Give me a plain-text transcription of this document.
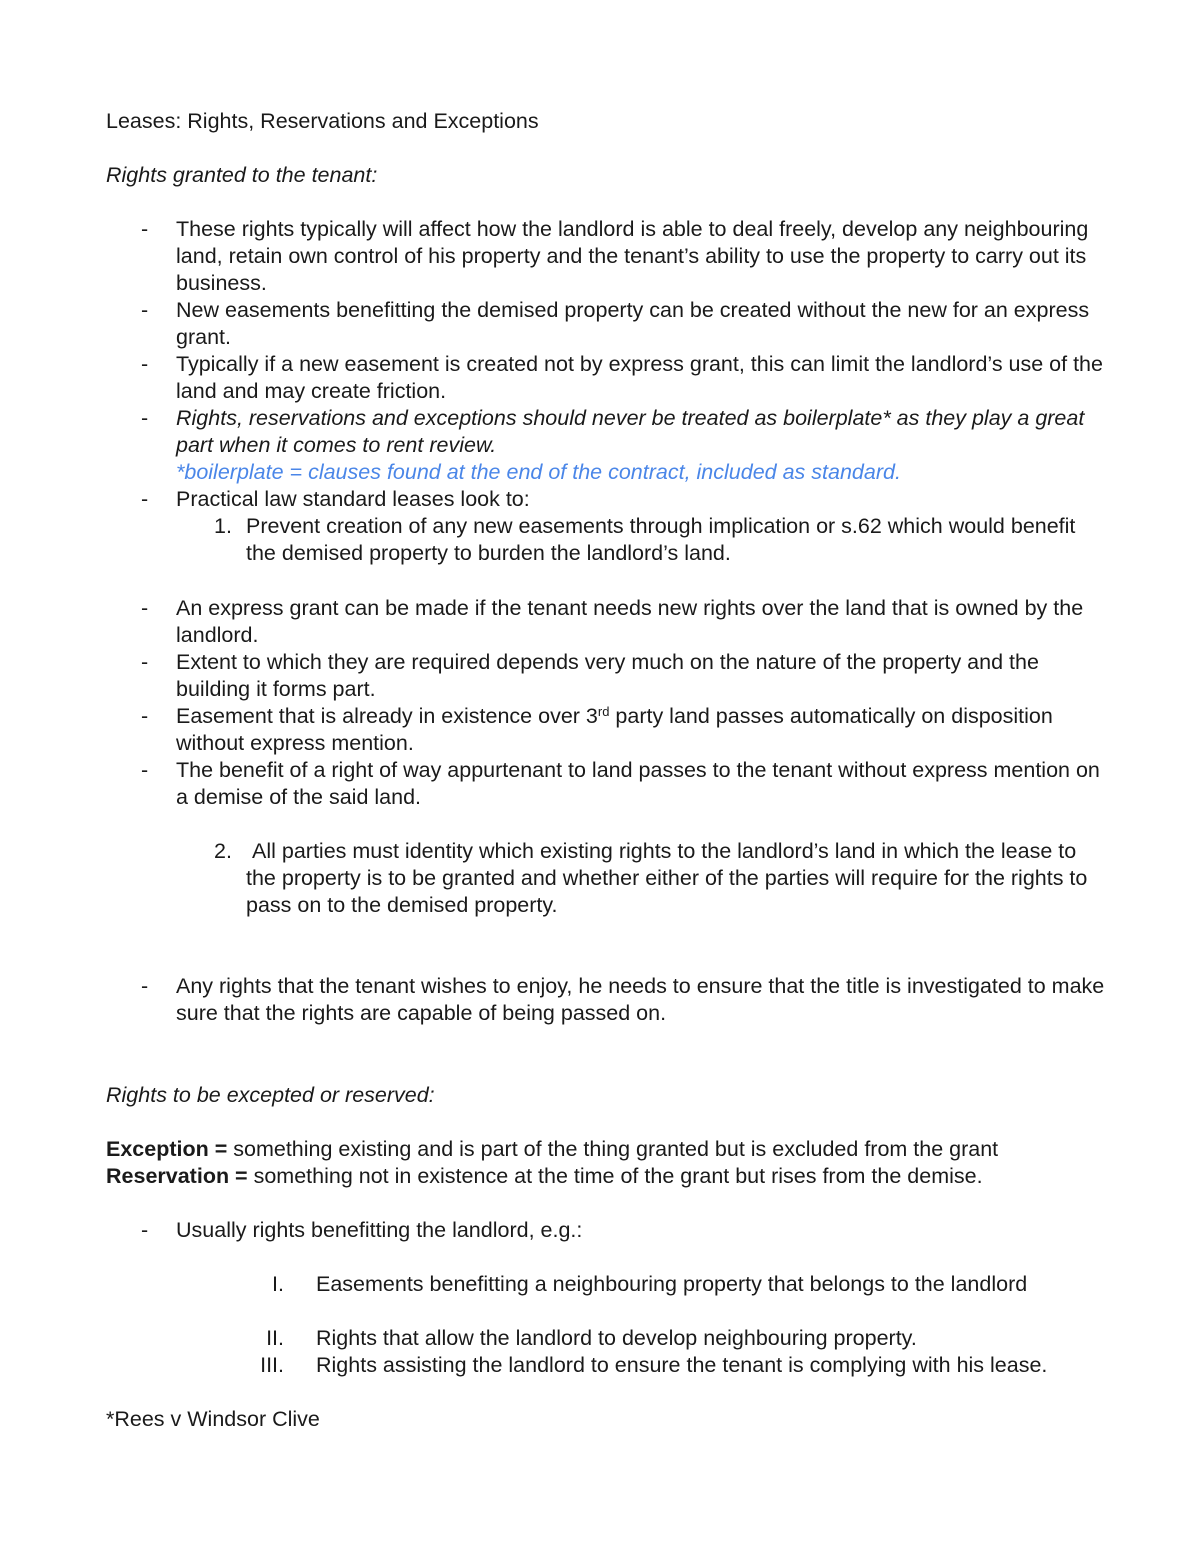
Leases: Rights, Reservations and Exceptions
Rights granted to the tenant:
- These rights typically will affect how the landlord is able to deal freely, develop any neighbouring land, retain own control of his property and the tenant’s ability to use the property to carry out its business.
- New easements benefitting the demised property can be created without the new for an express grant.
- Typically if a new easement is created not by express grant, this can limit the landlord’s use of the land and may create friction.
- Rights, reservations and exceptions should never be treated as boilerplate* as they play a great part when it comes to rent review.
*boilerplate = clauses found at the end of the contract, included as standard.
- Practical law standard leases look to:
1. Prevent creation of any new easements through implication or s.62 which would benefit the demised property to burden the landlord’s land.
- An express grant can be made if the tenant needs new rights over the land that is owned by the landlord.
- Extent to which they are required depends very much on the nature of the property and the building it forms part.
- Easement that is already in existence over 3rd party land passes automatically on disposition without express mention.
- The benefit of a right of way appurtenant to land passes to the tenant without express mention on a demise of the said land.
2. All parties must identity which existing rights to the landlord’s land in which the lease to the property is to be granted and whether either of the parties will require for the rights to pass on to the demised property.
- Any rights that the tenant wishes to enjoy, he needs to ensure that the title is investigated to make sure that the rights are capable of being passed on.
Rights to be excepted or reserved:
Exception = something existing and is part of the thing granted but is excluded from the grant
Reservation = something not in existence at the time of the grant but rises from the demise.
- Usually rights benefitting the landlord, e.g.:
I. Easements benefitting a neighbouring property that belongs to the landlord
II. Rights that allow the landlord to develop neighbouring property.
III. Rights assisting the landlord to ensure the tenant is complying with his lease.
*Rees v Windsor Clive
